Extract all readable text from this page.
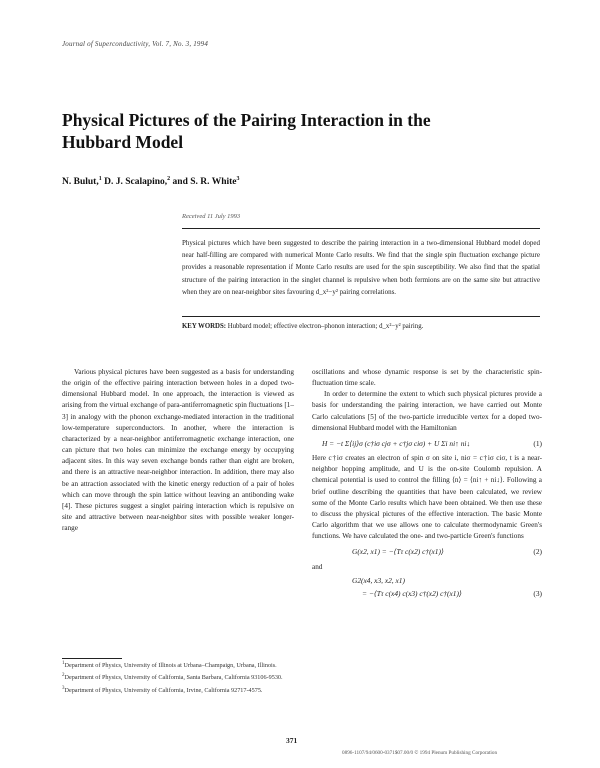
Journal of Superconductivity, Vol. 7, No. 3, 1994
Physical Pictures of the Pairing Interaction in the Hubbard Model
N. Bulut,$^1$ D. J. Scalapino,$^2$ and S. R. White$^3$
Received 11 July 1993
Physical pictures which have been suggested to describe the pairing interaction in a two-dimensional Hubbard model doped near half-filling are compared with numerical Monte Carlo results. We find that the single spin fluctuation exchange picture provides a reasonable representation if Monte Carlo results are used for the spin susceptibility. We also find that the spatial structure of the pairing interaction in the singlet channel is repulsive when both fermions are on the same site but attractive when they are on near-neighbor sites favouring d_x²−y² pairing correlations.
KEY WORDS: Hubbard model; effective electron–phonon interaction; d_x²−y² pairing.

Various physical pictures have been suggested as a basis for understanding the origin of the effective pairing interaction between holes in a doped two-dimensional Hubbard model. In one approach, the interaction is viewed as arising from the virtual exchange of para-antiferromagnetic spin fluctuations [1–3] in analogy with the phonon exchange-mediated interaction in the traditional low-temperature superconductors. In another, where the interaction is characterized by a near-neighbor antiferromagnetic exchange interaction, one can picture that two holes can minimize the exchange energy by occupying adjacent sites. In this way seven exchange bonds rather than eight are broken, and there is an attractive near-neighbor interaction. In addition, there may also be an attraction associated with the kinetic energy reduction of a pair of holes which can move through the spin lattice without leaving an antibonding wake [4]. These pictures suggest a singlet pairing interaction which is repulsive on site and attractive between near-neighbor sites with possible weaker longer-range

oscillations and whose dynamic response is set by the characteristic spin-fluctuation time scale.

In order to determine the extent to which such physical pictures provide a basis for understanding the pairing interaction, we have carried out Monte Carlo calculations [5] of the two-particle irreducible vertex for a doped two-dimensional Hubbard model with the Hamiltonian

H = −t Σ⟨ij⟩σ (c†iσ cjσ + c†jσ ciσ) + U Σi ni↑ ni↓	(1)

Here c†iσ creates an electron of spin σ on site i, niσ = c†iσ ciσ, t is a near-neighbor hopping amplitude, and U is the on-site Coulomb repulsion. A chemical potential is used to control the filling ⟨n⟩ = ⟨ni↑ + ni↓⟩. Following a brief outline describing the quantities that have been calculated, we review some of the Monte Carlo results which have been obtained. We then use these to discuss the physical pictures of the effective interaction. The basic Monte Carlo algorithm that we use allows one to calculate thermodynamic Green's functions. We have calculated the one- and two-particle Green's functions

G(x2, x1) = −⟨Tτ c(x2) c†(x1)⟩	(2)
and
G2(x4, x3, x2, x1)
= −⟨Tτ c(x4) c(x3) c†(x2) c†(x1)⟩	(3)
$^1$Department of Physics, University of Illinois at Urbana–Champaign, Urbana, Illinois.
$^2$Department of Physics, University of California, Santa Barbara, California 93106-9530.
$^3$Department of Physics, University of California, Irvine, California 92717-4575.
371
0896-1107/94/0600-0371$07.00/0 © 1994 Plenum Publishing Corporation
